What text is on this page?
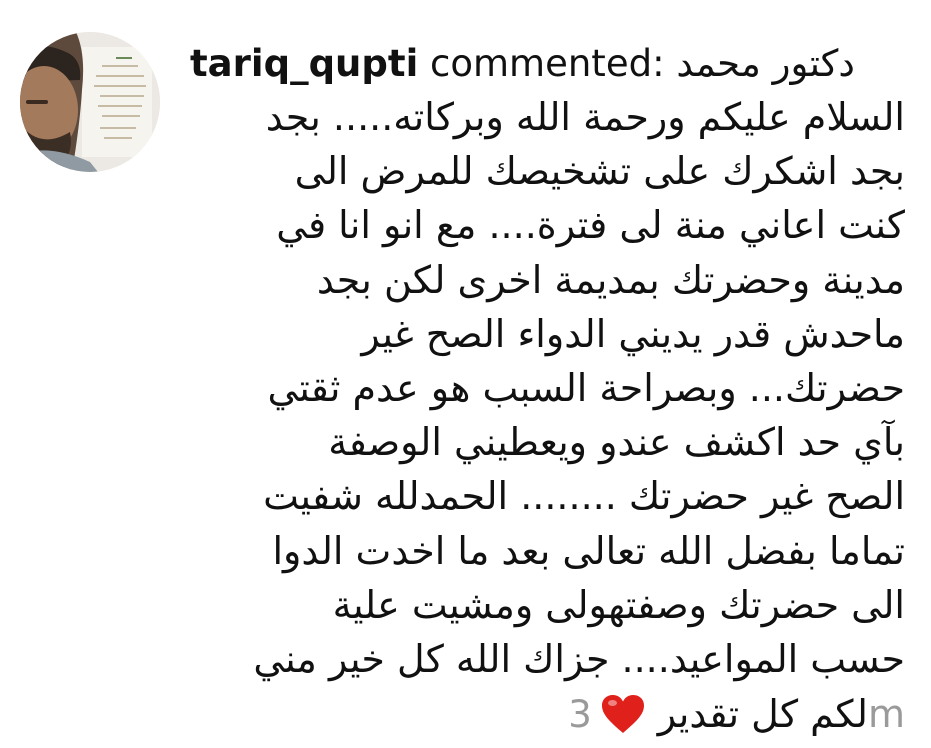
tariq_qupti commented: دكتور محمد
السلام عليكم ورحمة الله وبركاته..... بجد
بجد اشكرك على تشخيصك للمرض الى
كنت اعاني منة لى فترة.... مع انو انا في
مدينة وحضرتك بمديمة اخرى لكن بجد
ماحدش قدر يديني الدواء الصح غير
حضرتك... وبصراحة السبب هو عدم ثقتي
بآي حد اكشف عندو ويعطيني الوصفة
الصح غير حضرتك ........ الحمدلله شفيت
تماما بفضل الله تعالى بعد ما اخدت الدوا
الى حضرتك وصفتهولى ومشيت علية
حسب المواعيد.... جزاك الله كل خير مني
3 لكم كل تقدير m
